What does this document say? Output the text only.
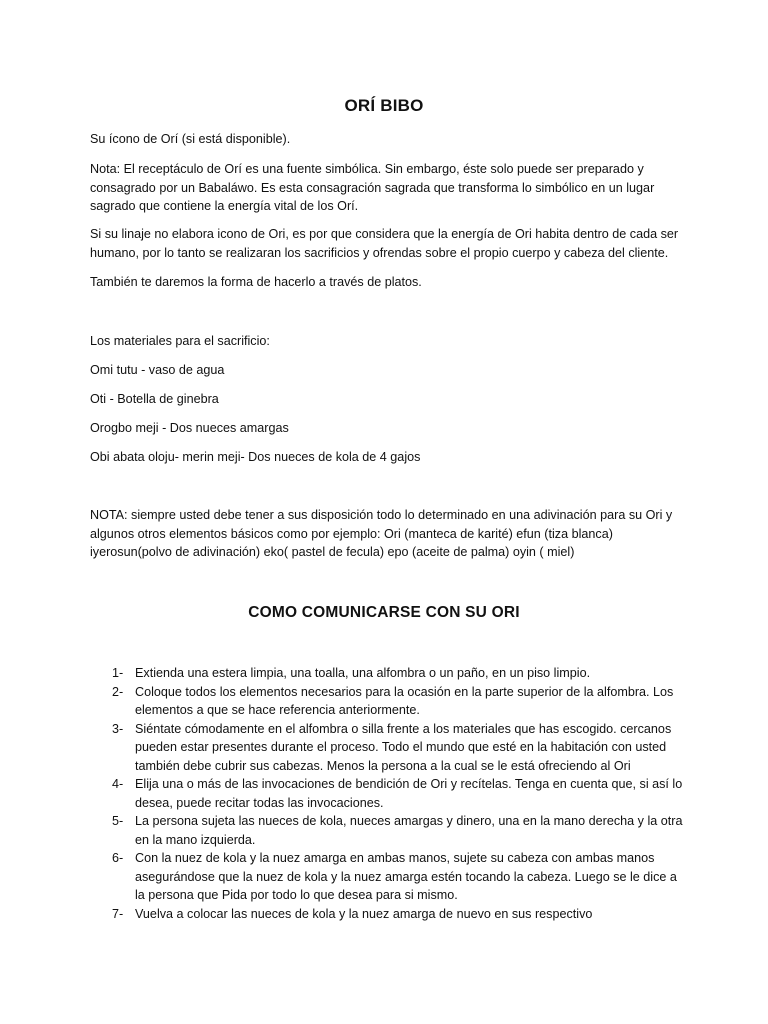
ORÍ BIBO
Su ícono de Orí (si está disponible).
Nota: El receptáculo de Orí es una fuente simbólica. Sin embargo, éste solo puede ser preparado y consagrado por un Babaláwo. Es esta consagración sagrada que transforma lo simbólico en un lugar sagrado que contiene la energía vital de los Orí.
Si su linaje no elabora icono de Ori, es por que considera que la energía de Ori habita dentro de cada ser humano, por lo tanto se realizaran los sacrificios y ofrendas sobre el propio cuerpo y cabeza del cliente.
También te daremos la forma de hacerlo a través de platos.
Los materiales para el sacrificio:
Omi tutu - vaso de agua
Oti - Botella de ginebra
Orogbo meji - Dos nueces amargas
Obi abata oloju- merin meji- Dos nueces de kola de 4 gajos
NOTA: siempre usted debe tener a sus disposición todo lo determinado en una adivinación para su Ori y algunos otros elementos básicos como por ejemplo: Ori (manteca de karité) efun (tiza blanca) iyerosun(polvo de adivinación) eko( pastel de fecula) epo (aceite de palma) oyin ( miel)
COMO COMUNICARSE CON SU ORI
1- Extienda una estera limpia, una toalla, una alfombra o un paño, en un piso limpio.
2- Coloque todos los elementos necesarios para la ocasión en la parte superior de la alfombra. Los elementos a que se hace referencia anteriormente.
3- Siéntate cómodamente en el alfombra o silla frente a los materiales que has escogido. cercanos pueden estar presentes durante el proceso. Todo el mundo que esté en la habitación con usted también debe cubrir sus cabezas. Menos la persona a la cual se le está ofreciendo al Ori
4- Elija una o más de las invocaciones de bendición de Ori y recítelas. Tenga en cuenta que, si así lo desea, puede recitar todas las invocaciones.
5- La persona sujeta las nueces de kola, nueces amargas y dinero, una en la mano derecha y la otra en la mano izquierda.
6- Con la nuez de kola y la nuez amarga en ambas manos, sujete su cabeza con ambas manos asegurándose que la nuez de kola y la nuez amarga estén tocando la cabeza. Luego se le dice a la persona que Pida por todo lo que desea para si mismo.
7- Vuelva a colocar las nueces de kola y la nuez amarga de nuevo en sus respectivo
